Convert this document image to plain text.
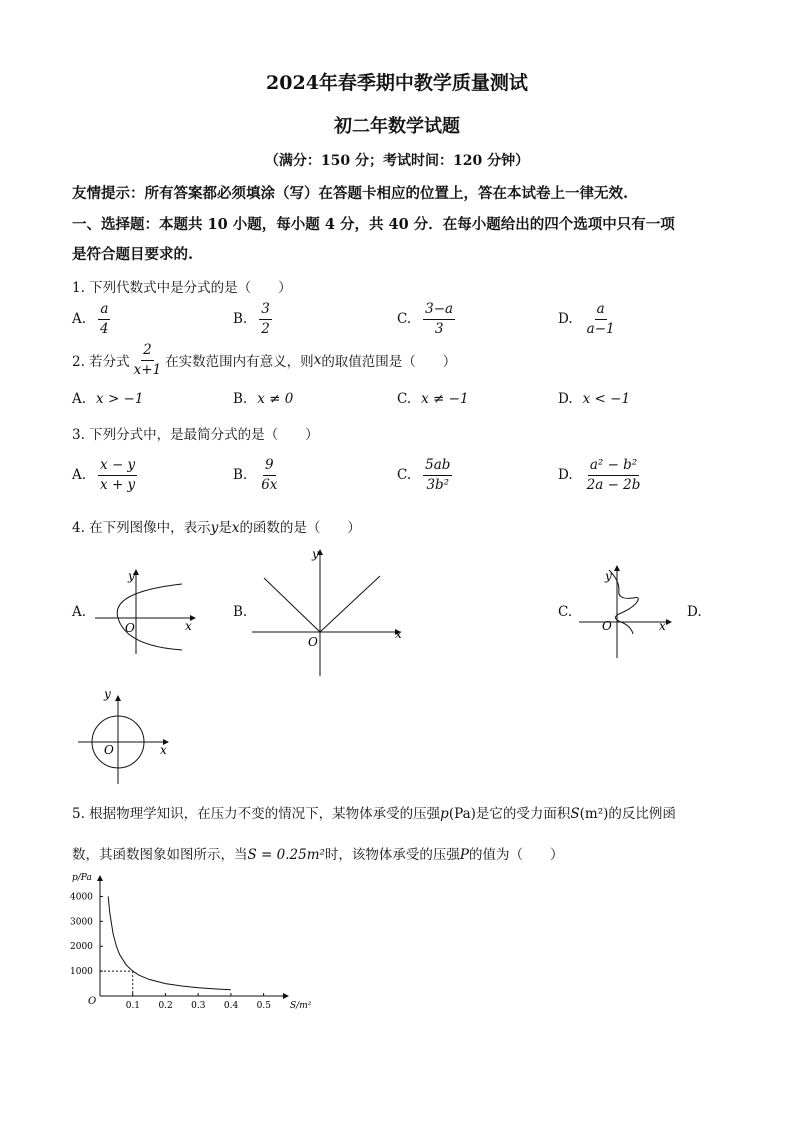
2024年春季期中教学质量测试
初二年数学试题
（满分：150 分；考试时间：120 分钟）
友情提示：所有答案都必须填涂（写）在答题卡相应的位置上，答在本试卷上一律无效.
一、选择题：本题共 10 小题，每小题 4 分，共 40 分．在每小题给出的四个选项中只有一项
是符合题目要求的.
1. 下列代数式中是分式的是（　　）
A. $\frac{a}{4}$	B. $\frac{3}{2}$	C. $\frac{3-a}{3}$	D. $\frac{a}{a-1}$
2. 若分式 $\frac{2}{x+1}$ 在实数范围内有意义，则 x 的取值范围是（　　）
A. x > −1	B. x ≠ 0	C. x ≠ −1	D. x < −1
3. 下列分式中，是最简分式的是（　　）
A. $\frac{x - y}{x + y}$	B. $\frac{9}{6x}$	C. $\frac{5ab}{\text{3b²}}$	D. $\frac{\text{a² − b²}}{2a - 2b}$
4. 在下列图像中，表示y是x的函数的是（　　）
A.
y
x
O
B.
y
x
O
C.
y
x
O
D.
y
x
O
5. 根据物理学知识，在压力不变的情况下，某物体承受的压强p(Pa)是它的受力面积S(m²)的反比例函
数，其函数图象如图所示，当S = 0.25m²时，该物体承受的压强P的值为（　　）
0.1 0.2 0.3 0.4 0.5
1000
2000
3000
4000
p/Pa
S/m²
O
